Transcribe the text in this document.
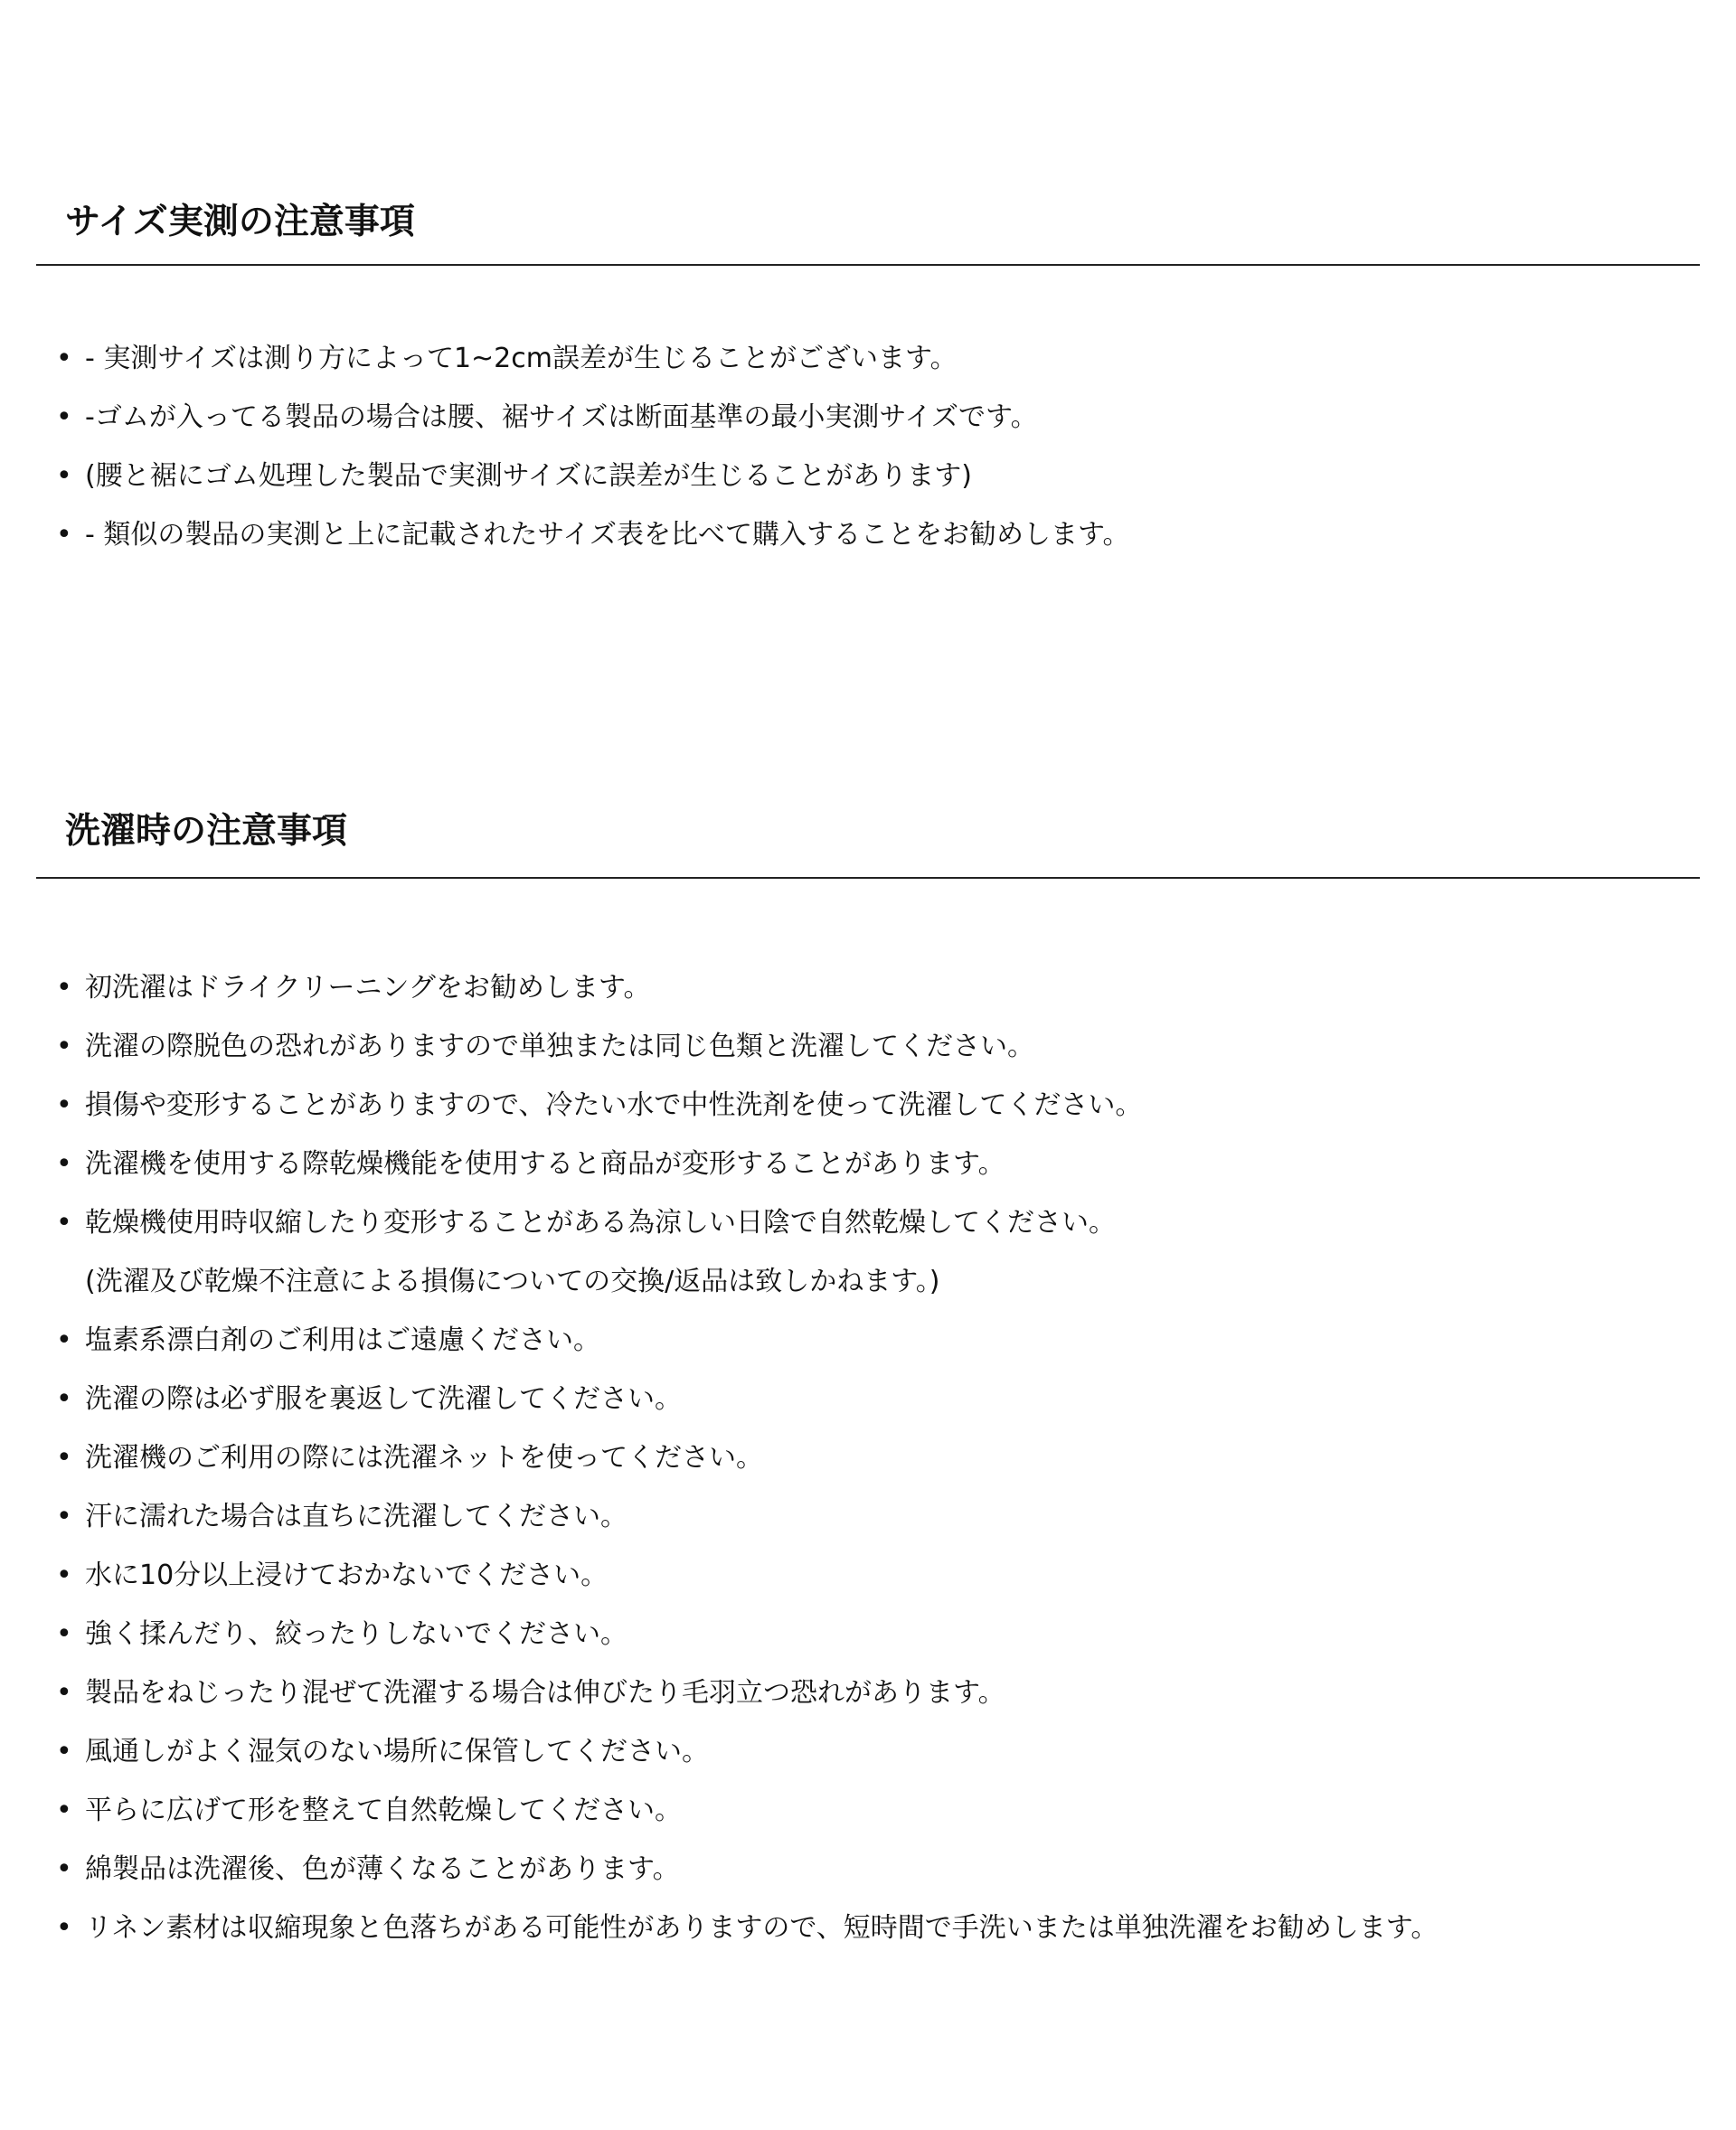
サイズ実測の注意事項
• - 実測サイズは測り方によって1~2cm誤差が生じることがございます。
• -ゴムが入ってる製品の場合は腰、裾サイズは断面基準の最小実測サイズです。
• (腰と裾にゴム処理した製品で実測サイズに誤差が生じることがあります)
• - 類似の製品の実測と上に記載されたサイズ表を比べて購入することをお勧めします。
洗濯時の注意事項
• 初洗濯はドライクリーニングをお勧めします。
• 洗濯の際脱色の恐れがありますので単独または同じ色類と洗濯してください。
• 損傷や変形することがありますので、冷たい水で中性洗剤を使って洗濯してください。
• 洗濯機を使用する際乾燥機能を使用すると商品が変形することがあります。
• 乾燥機使用時収縮したり変形することがある為涼しい日陰で自然乾燥してください。
(洗濯及び乾燥不注意による損傷についての交換/返品は致しかねます。)
• 塩素系漂白剤のご利用はご遠慮ください。
• 洗濯の際は必ず服を裏返して洗濯してください。
• 洗濯機のご利用の際には洗濯ネットを使ってください。
• 汗に濡れた場合は直ちに洗濯してください。
• 水に10分以上浸けておかないでください。
• 強く揉んだり、絞ったりしないでください。
• 製品をねじったり混ぜて洗濯する場合は伸びたり毛羽立つ恐れがあります。
• 風通しがよく湿気のない場所に保管してください。
• 平らに広げて形を整えて自然乾燥してください。
• 綿製品は洗濯後、色が薄くなることがあります。
• リネン素材は収縮現象と色落ちがある可能性がありますので、短時間で手洗いまたは単独洗濯をお勧めします。
